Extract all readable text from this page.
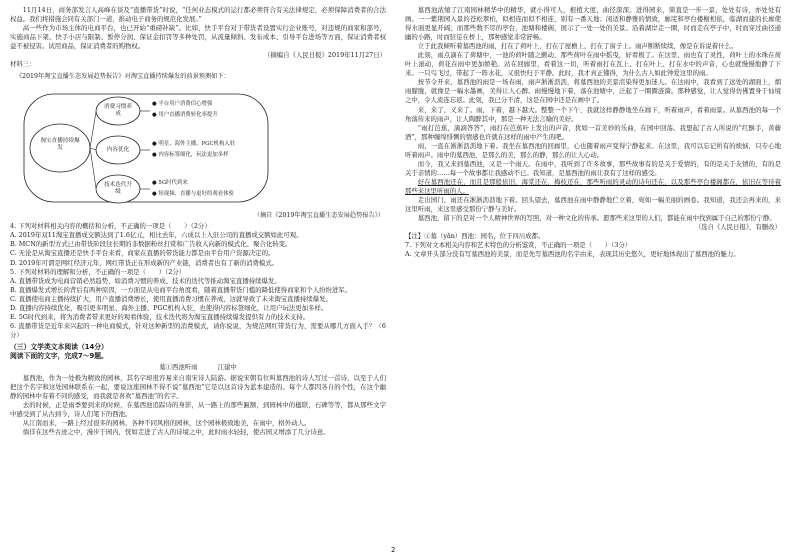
11月14日，商务部发言人高峰在谈及“直播带货”时说，“任何业态模式的运行都必须符合有关法律规定，必须保障消费者的合法权益。我们将措施会同有关部门一道，推动电子商务的规范化发展。”

高一些作为市场主体的电商平台，也已开始“重磅补缺”。比如，快手平台对于带货者设置实行企业账号，对违规的商家和部号，实施商品下架、快手小店与限制、暂停分润、保证金扣罚等多种处罚，从流量倾斜、发布成本、引导平台进场等方面，保证消费者权益不被侵害。试用商品，保证消费者的购物权。

（摘编自《人民日报》2019年11月27日）

材料三：

《2019年淘宝直播生态发展趋势报告》对淘宝直播持续爆发的前景预测如下：
淘宝直播持续爆发
消费习惯养成
内容优化
技术迭代升级
● 平台用户消费信心增强
● 用户直播消费转化率提升
● 明星、海外主播、PGC机构入驻
● 内容标签细化，玩法更加多样
● 5G时代到来
● 短视频、直播与更好的观看体验
（摘自《2019年淘宝直播生态发展趋势报告》）

4. 下列对材料相关内容的概括和分析，不正确的一项是（　　）（2分）

A. 2019年双11淘宝直播成交额达到了1.6亿元，相比去年，六成以上入驻公司的直播成交额如此可观。

B. MCN的新型方式已由带货阶段往长期的非数据粉丝打赏和广告收入向新的模式化、聚合化转变。

C. 无论是从淘宝直播还是快手平台来看，商家在直播的带货能力都是由平台用户资源决定的。

D. 2019年可谓是网红经济元年，网红带货正在形成新的产业链，消费者也有了新的消费模式。

5. 下列对材料的理解和分析，不正确的一项是（　　）（2分）

A. 直播带货成为电商营销必然趋势，如消费习惯的养成、技术的迭代等推动淘宝直播持续爆发。

B. 直播爆发式增长的背后有两种原因，一方面是从电商平台角度看，随着直播带货门槛的降低使得商家和个人纷纷进军。

C. 直播使电商主播持续扩大，用户直播消费增长，使用直播消费习惯在养成，这就导致了未来淘宝直播持续爆发。

D. 直播内容持续优化，吸引更多明星、海外主播、PGC机构入驻，也使得内容标签细化，让用户玩法更加多样。

E. 5G时代到来，将为消费者带来更好的观看体验，技术迭代将为淘宝直播持续爆发提供有力的技术支持。

6. 直播带货是近年来兴起的一种电商模式，针对这种新型的消费模式，请你说说，为规范网红带货行为，需要从哪几方面入手？（6分）

（三）文学类文本阅读（14分）
阅读下面的文字，完成7～9题。
墓①西池听雨	江建中

墓西池，作为一处极为精致的园林，其名字却很容易来自南宋诗人陆游。据说宋朝有位叫墓西池的诗人写过一首诗，以至于人们把这个名字和这处园林联系在一起，要说这座园林不得不说“墓西池”它是以这首诗为蓝本建造的。每个人都因各自的个性，在这个幽静的园林中有着不同的感受，而我就是喜欢“墓西池”的名字。

去的时候，正是雨季要到来的时候，在墓西池追踪诗的身影，从一路上的那些匾额，到园林中的楹联，石碑等等，都从那些文字中感受到了从古到今，诗人们笔下的西池。

从江南而来，一路上经过很多的园林，各种不同风格的园林，这个园林极致地美，在雨中，格外动人。

徜徉在这些古迹之中，漫步于园内，恍如走进了古人的诗境之中，此时雨水轻轻，使古园又增添了几分诗意。

墓西池浓缩了江南园林精华中的精华，就小得可人，根植大度，曲径深深。进得园来，简直是一步一景，处处有诗，亦处处有画。一一紫荆园入景的苍松翠柏，似相连而似不相连，别有一番天地；闲适和静雅的情致，廊庑和亭台楼榭相依，临湖而建的长廊使得水面更显开阔；而那些数不尽的亭台，池塘和楼阁，展示了一处一处的美景。沿着湖岸走一圈，时而走在亭子中，时而穿过曲径通幽的小路，时而驻足在桥上，那种感觉非常舒畅。

立于此我倾听着墓西池的雨，打在了荷叶上，打在了屋檐上，打在了窗子上。雨声断断续续，像是在诉说着什么。

此刻，雨点滴在了荷塘中，一池的荷叶随之颤动，那些荷叶在雨中摇曳，好看极了。在这里，雨也有了灵性，荷叶上的水珠在荷叶上滚动，荷花在雨中更加娇艳。站在回廊里，看着这一切，听着雨打在瓦上、打在叶上、打在水中的声音，心也就慢慢地静了下来。一只鸟飞过，带起了一阵水花，又很快归于平静。此时，我才真正懂得，为什么古人如此钟爱这里的雨。

按节令开来，墓西池的雨是一场春雨，雨声淅淅沥沥，将墓西池的美景渲染得更加迷人。在这雨中，我看到了远处的湖面上，烟雨朦胧，就像是一幅水墨画，美得让人心醉。雨慢慢地下着，落在池塘中，泛起了一圈圈涟漪。那种感觉，让人觉得仿佛置身于仙境之中，令人流连忘返。此刻，我已分不清，这是在园中还是在画中了。

来，来了，又来了。雨，下着，越下越大。整整一个下午，我就这样静静地坐在廊下，听着雨声，看着雨景。从墓西池的每一个角落传来的雨声，让人陶醉其中，那是一种无法言喻的美好。

“雨打芭蕉，滴滴答答”，雨打在芭蕉叶上发出的声音，犹如一首美妙的乐曲，在园中回荡。我想起了古人所说的“红酥手，黄藤酒”，那种缠绵悱恻的情感也许就在这样的雨中产生的吧。

雨，一直在淅淅沥沥地下着。我坐在墓西池的回廊里，心也随着雨声变得宁静起来。在这里，我可以忘记所有的烦恼，只专心地听着雨声。雨中的墓西池，是那么的美，那么的静，那么的让人心动。

而今，我又来到墓西池，又是一个雨天。在雨中，我听到了许多故事，那些故事有的是关于爱情的，有的是关于友情的，有的是关于亲情的……每一个故事都让我感动不已。我知道，是墓西池的雨让我有了这样的感受。

好在墓西池还在，而且是那般依旧，海棠还在，梅枝还在，那些听雨的灵动的诗句还在，以及那些亭台楼阁都在，依旧在等待着那些来这里听雨的人。

走出园门，雨还在淅淅沥沥地下着。回头望去，墓西池在雨中静静地伫立着，宛如一幅美丽的画卷。我知道，我还会再来的，来这里听雨，来这里感受那份宁静与美好。

墓西池，留下的是对一个人精神世界的写照，对一种文化的传承。愿那些来这里的人们，都能在雨中找到属于自己的那份宁静。

（选自《人民日报》，有删改）

【注】①墓（yǎn）西池：园名，位于四川成都。

7. 下列对文本相关内容和艺术特色的分析鉴赏，不正确的一项是（　　）（3分）

A. 文章开头部分没有写墓西池的美景，而是先写墓西池的名字由来，表现其历史悠久，更好地体现出了墓西池的魅力。

2
